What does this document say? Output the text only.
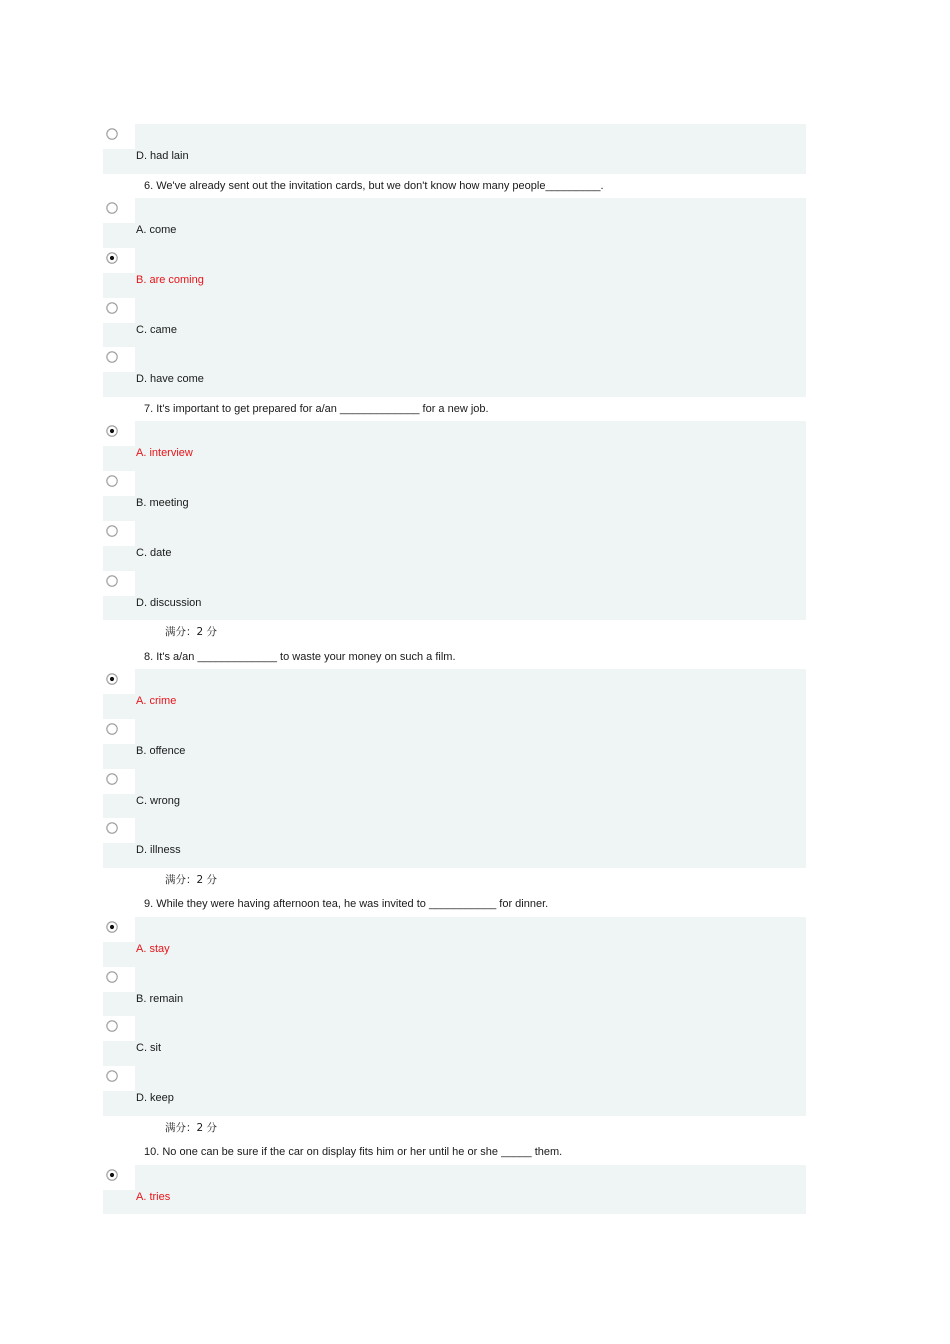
D. had lain
6. We've already sent out the invitation cards, but we don't know how many people_________.
A. come
B. are coming
C. came
D. have come
7. It's important to get prepared for a/an _____________ for a new job.
A. interview
B. meeting
C. date
D. discussion
满分：2 分
8. It's a/an _____________ to waste your money on such a film.
A. crime
B. offence
C. wrong
D. illness
满分：2 分
9. While they were having afternoon tea, he was invited to ___________ for dinner.
A. stay
B. remain
C. sit
D. keep
满分：2 分
10. No one can be sure if the car on display fits him or her until he or she _____ them.
A. tries
